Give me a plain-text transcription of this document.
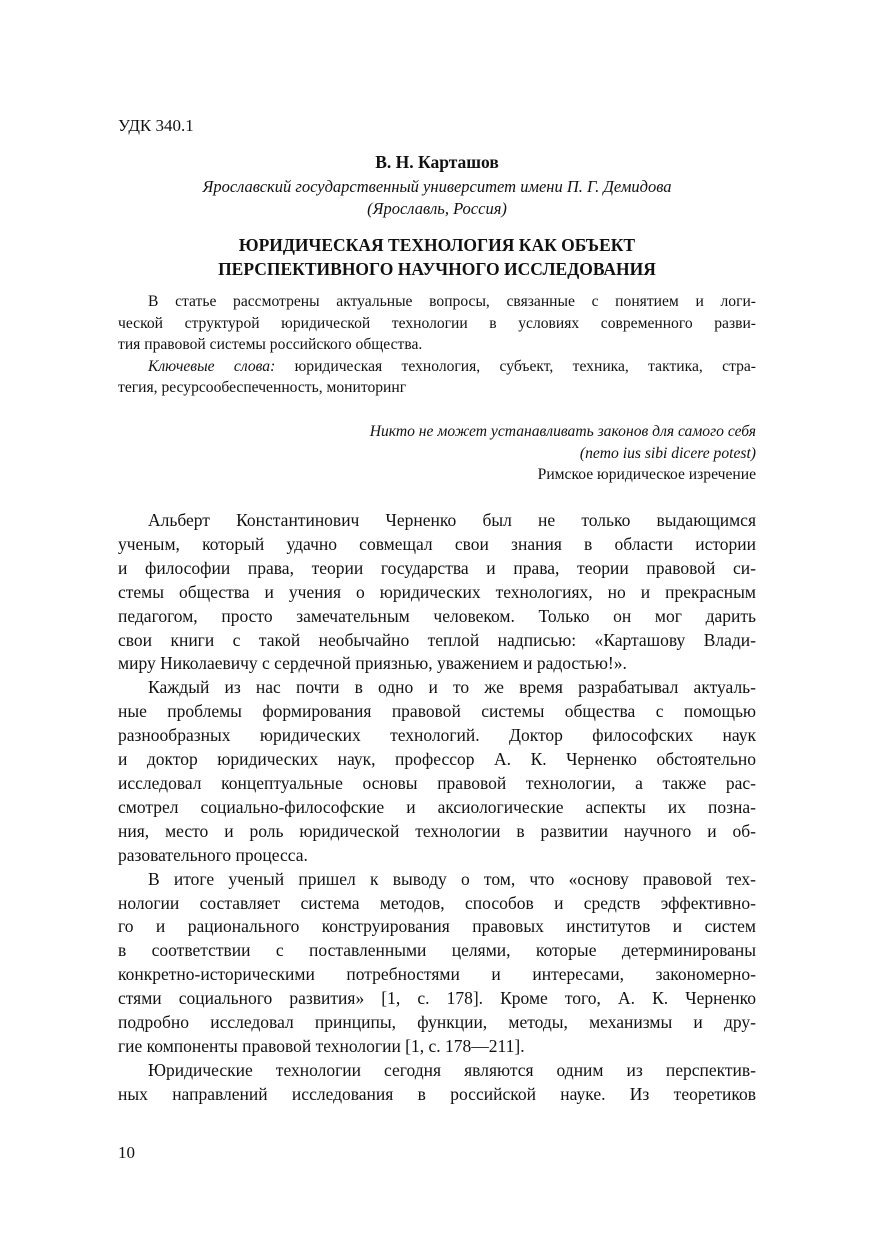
УДК 340.1
В. Н. Карташов
Ярославский государственный университет имени П. Г. Демидова
(Ярославль, Россия)
ЮРИДИЧЕСКАЯ ТЕХНОЛОГИЯ КАК ОБЪЕКТ
ПЕРСПЕКТИВНОГО НАУЧНОГО ИССЛЕДОВАНИЯ

В статье рассмотрены актуальные вопросы, связанные с понятием и логи-
ческой структурой юридической технологии в условиях современного разви-
тия правовой системы российского общества.

Ключевые слова: юридическая технология, субъект, техника, тактика, стра-
тегия, ресурсообеспеченность, мониторинг

Никто не может устанавливать законов для самого себя
(nemo ius sibi dicere potest)
Римское юридическое изречение

Альберт Константинович Черненко был не только выдающимся
ученым, который удачно совмещал свои знания в области истории
и философии права, теории государства и права, теории правовой си-
стемы общества и учения о юридических технологиях, но и прекрасным
педагогом, просто замечательным человеком. Только он мог дарить
свои книги с такой необычайно теплой надписью: «Карташову Влади-
миру Николаевичу с сердечной приязнью, уважением и радостью!».

Каждый из нас почти в одно и то же время разрабатывал актуаль-
ные проблемы формирования правовой системы общества с помощью
разнообразных юридических технологий. Доктор философских наук
и доктор юридических наук, профессор А. К. Черненко обстоятельно
исследовал концептуальные основы правовой технологии, а также рас-
смотрел социально-философские и аксиологические аспекты их позна-
ния, место и роль юридической технологии в развитии научного и об-
разовательного процесса.

В итоге ученый пришел к выводу о том, что «основу правовой тех-
нологии составляет система методов, способов и средств эффективно-
го и рационального конструирования правовых институтов и систем
в соответствии с поставленными целями, которые детерминированы
конкретно-историческими потребностями и интересами, закономерно-
стями социального развития» [1, с. 178]. Кроме того, А. К. Черненко
подробно исследовал принципы, функции, методы, механизмы и дру-
гие компоненты правовой технологии [1, с. 178—211].

Юридические технологии сегодня являются одним из перспектив-
ных направлений исследования в российской науке. Из теоретиков

10
